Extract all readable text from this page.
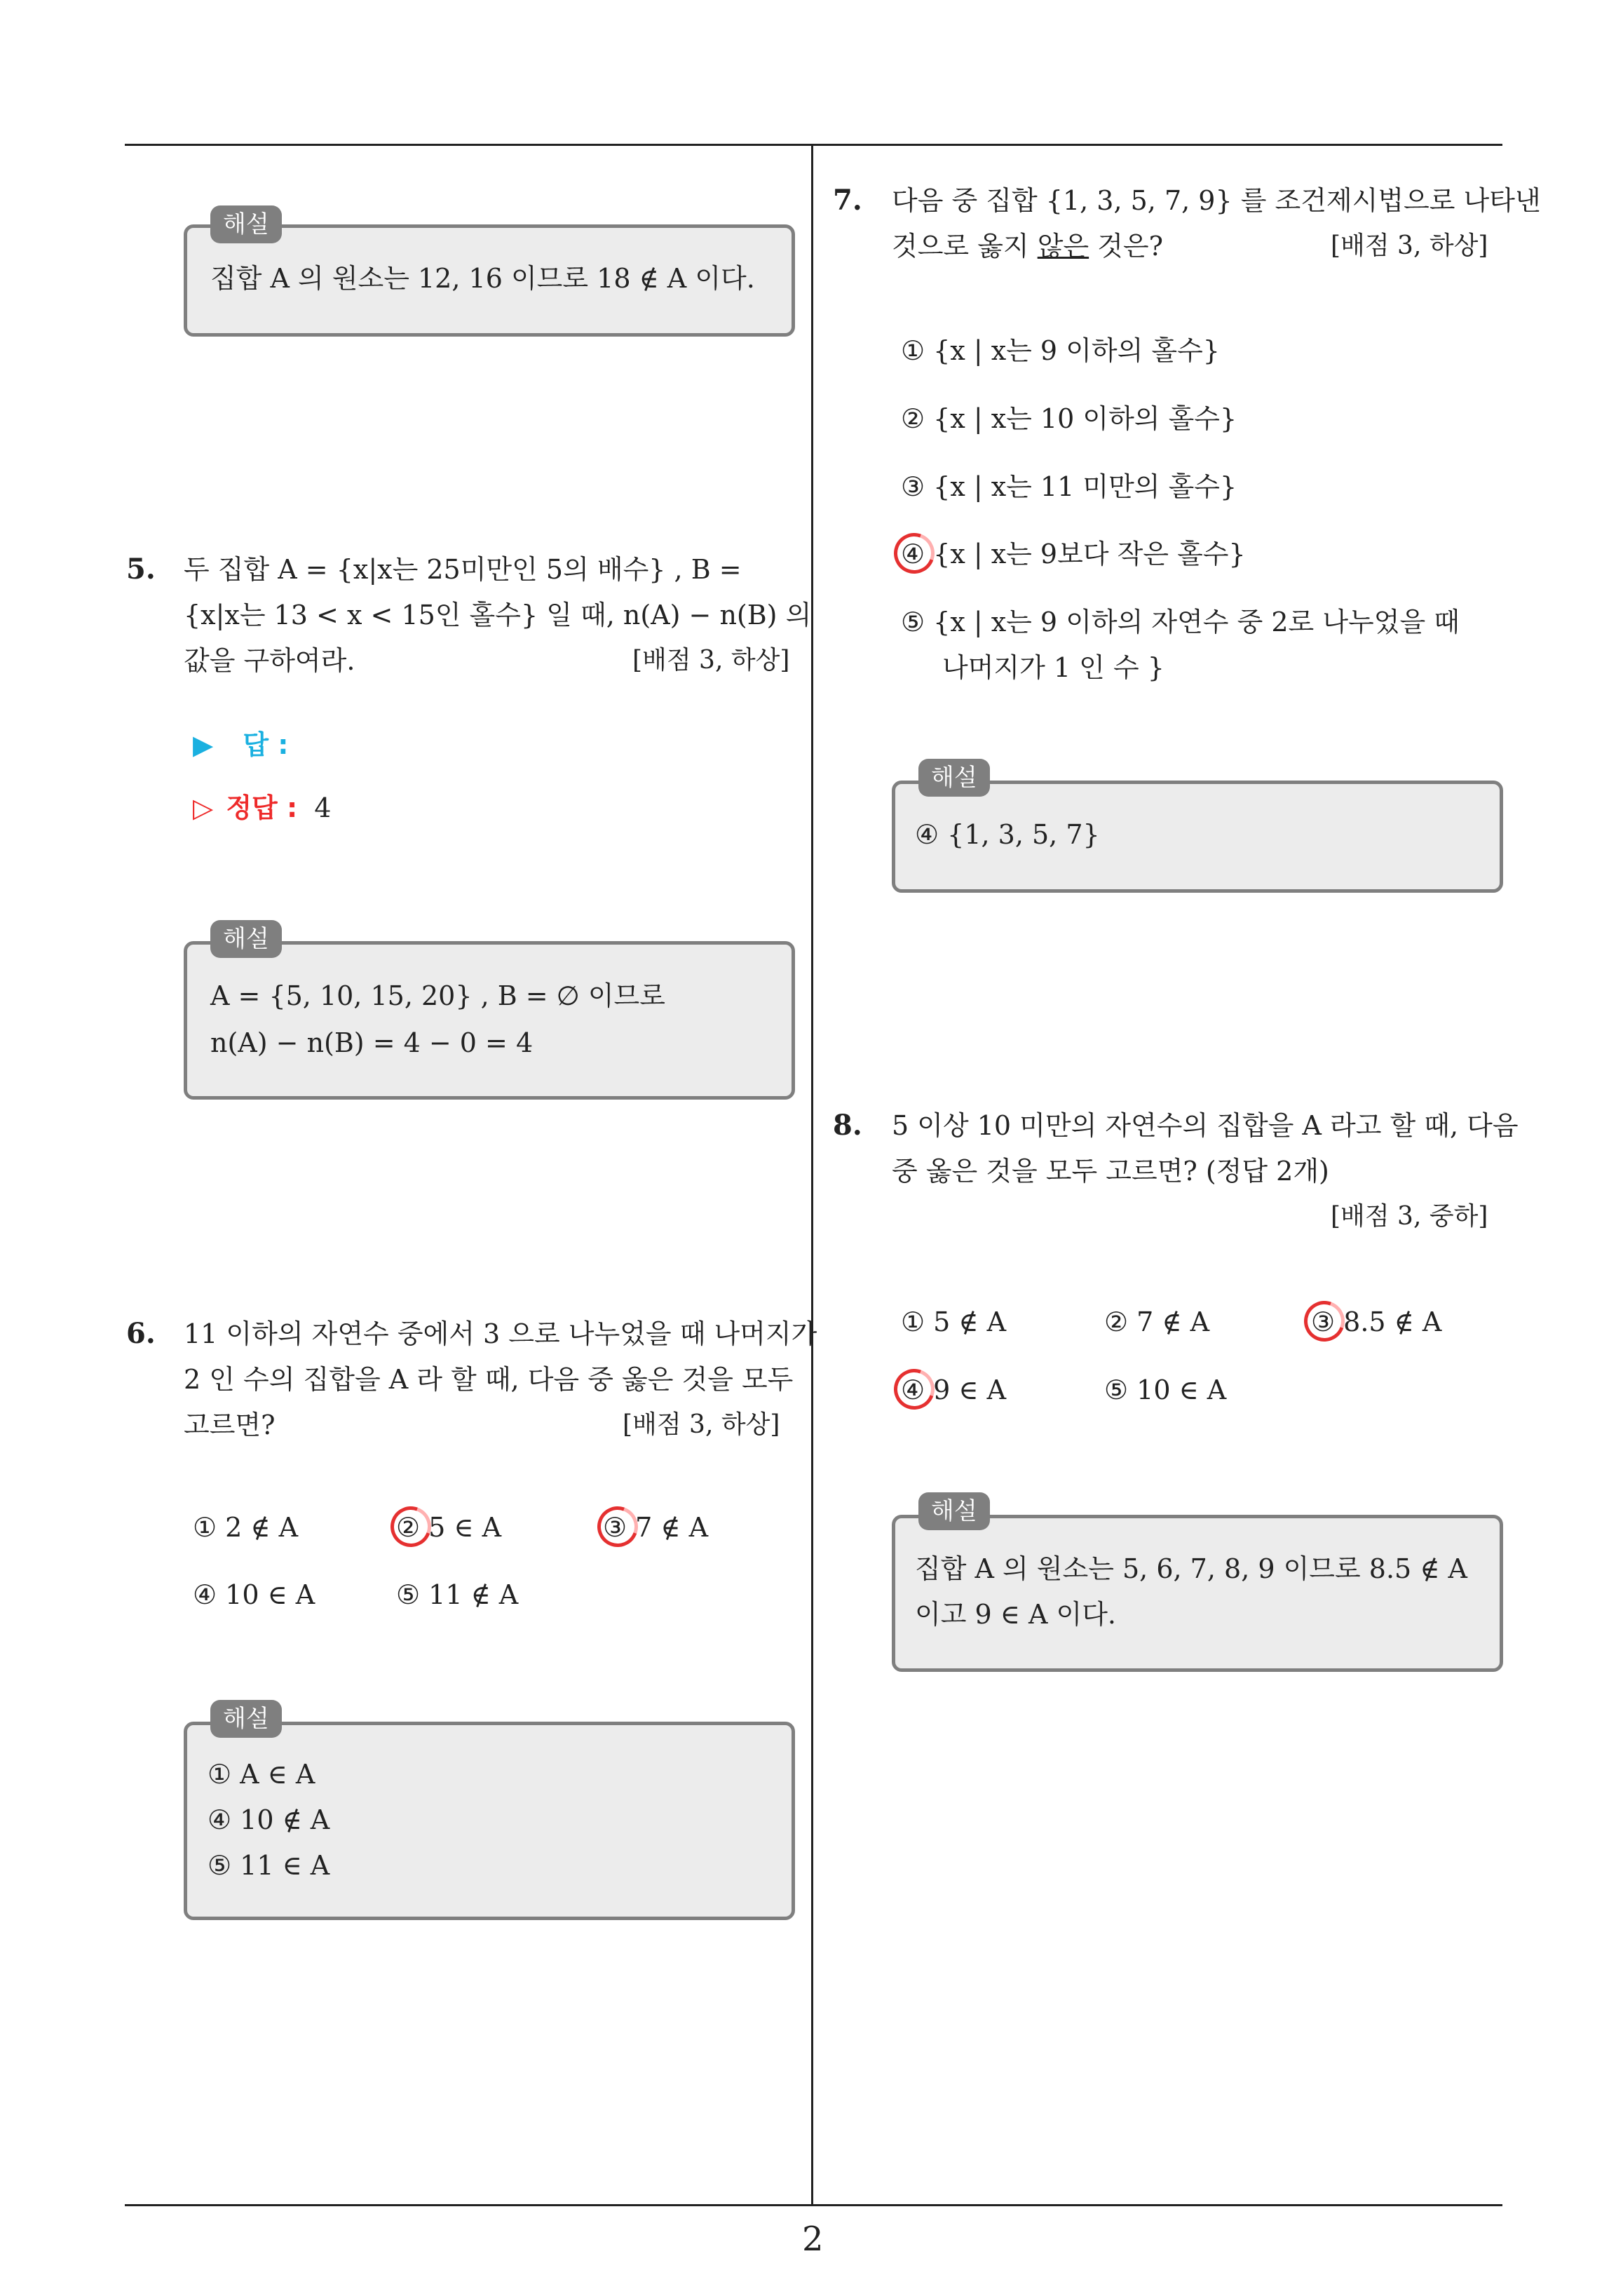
해설
집합 A 의 원소는 12, 16 이므로 18 ∉ A 이다.
5. 두 집합 A = {x|x는 25미만인 5의 배수} , B =
{x|x는 13 < x < 15인 홀수} 일 때, n(A) − n(B) 의
값을 구하여라.	[배점 3, 하상]
▶ 답 :
▷ 정답 : 4
해설
A = {5, 10, 15, 20} , B = ∅ 이므로
n(A) − n(B) = 4 − 0 = 4
6. 11 이하의 자연수 중에서 3 으로 나누었을 때 나머지가
2 인 수의 집합을 A 라 할 때, 다음 중 옳은 것을 모두
고르면?	[배점 3, 하상]
① 2 ∉ A	② 5 ∈ A	③ 7 ∉ A
④ 10 ∈ A	⑤ 11 ∉ A
해설
① A ∈ A
④ 10 ∉ A
⑤ 11 ∈ A
7. 다음 중 집합 {1, 3, 5, 7, 9} 를 조건제시법으로 나타낸
것으로 옳지 않은 것은?	[배점 3, 하상]
① {x | x는 9 이하의 홀수}
② {x | x는 10 이하의 홀수}
③ {x | x는 11 미만의 홀수}
④ {x | x는 9보다 작은 홀수}
⑤ {x | x는 9 이하의 자연수 중 2로 나누었을 때
나머지가 1 인 수 }
해설
④ {1, 3, 5, 7}
8. 5 이상 10 미만의 자연수의 집합을 A 라고 할 때, 다음
중 옳은 것을 모두 고르면? (정답 2개)
[배점 3, 중하]
① 5 ∉ A	② 7 ∉ A	③ 8.5 ∉ A
④ 9 ∈ A	⑤ 10 ∈ A
해설
집합 A 의 원소는 5, 6, 7, 8, 9 이므로 8.5 ∉ A
이고 9 ∈ A 이다.
2
